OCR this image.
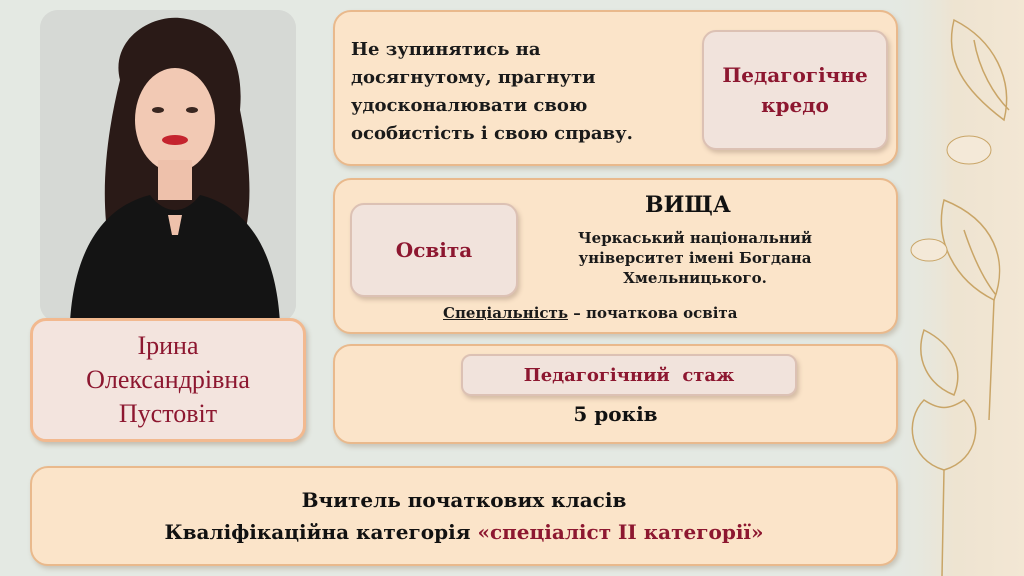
Ірина
Олександрівна
Пустовіт
Не зупинятись на
досягнутому, прагнути
удосконалювати свою
особистість і свою справу.
Педагогічне
кредо
Освіта
ВИЩА
Черкаський національний
університет імені Богдана
Хмельницького.
Спеціальність – початкова освіта
Педагогічний  стаж
5 років
Вчитель початкових класів
Кваліфікаційна категорія «спеціаліст ІІ категорії»
